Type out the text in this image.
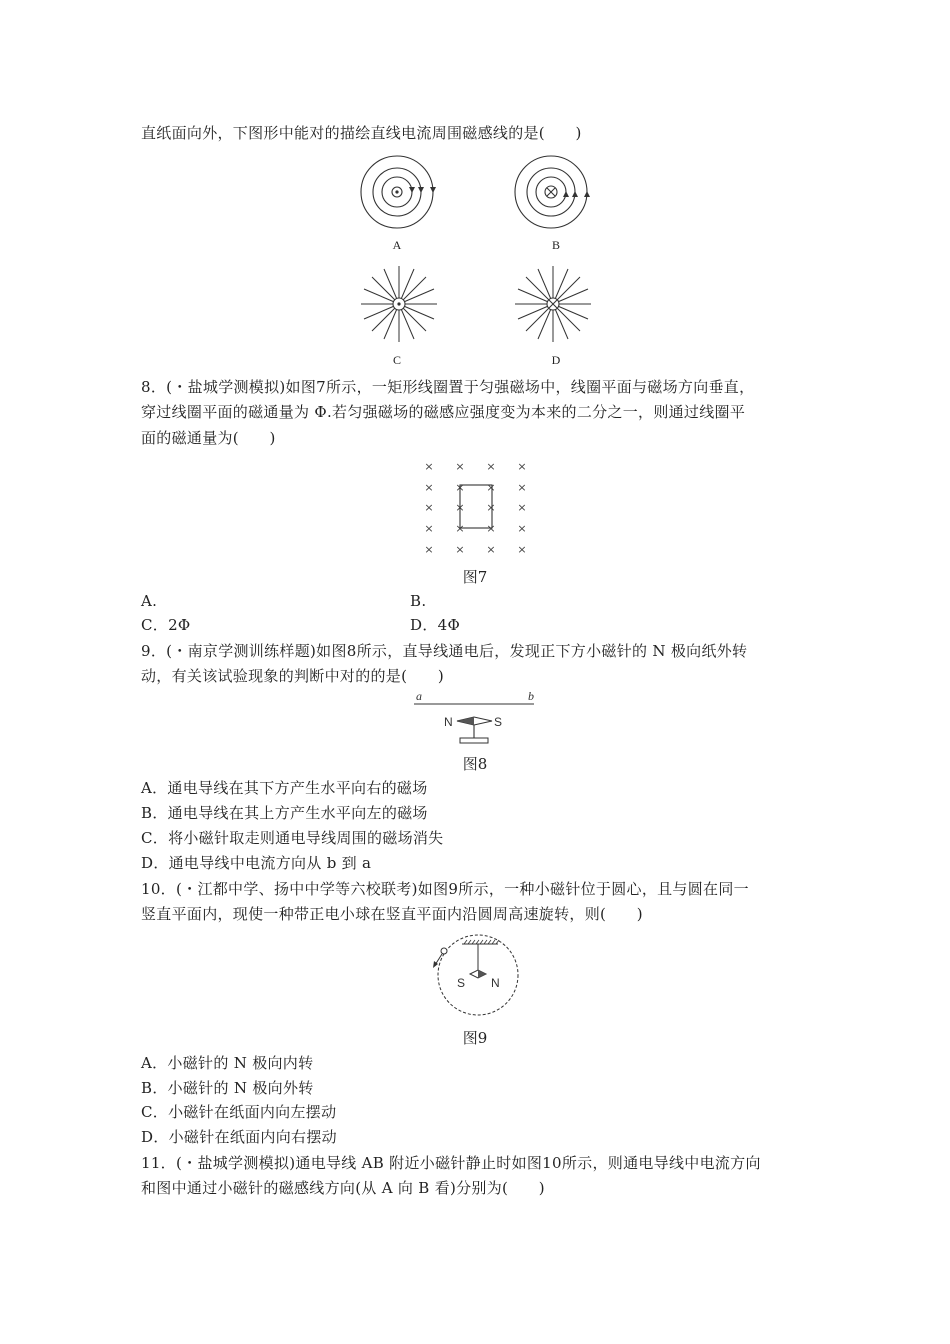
直纸面向外，下图形中能对的描绘直线电流周围磁感线的是(　　)
A	B
C	D
8．(・盐城学测模拟)如图7所示，一矩形线圈置于匀强磁场中，线圈平面与磁场方向垂直，
穿过线圈平面的磁通量为 Φ.若匀强磁场的磁感应强度变为本来的二分之一，则通过线圈平
面的磁通量为(　　)
× × × ×
× × × ×
× × × ×
× × × ×
× × × ×
图7
A.	B.
C．2Φ	D．4Φ
9．(・南京学测训练样题)如图8所示，直导线通电后，发现正下方小磁针的 N 极向纸外转
动，有关该试验现象的判断中对的的是(　　)
a	b
N	S
图8
A．通电导线在其下方产生水平向右的磁场
B．通电导线在其上方产生水平向左的磁场
C．将小磁针取走则通电导线周围的磁场消失
D．通电导线中电流方向从 b 到 a
10．(・江都中学、扬中中学等六校联考)如图9所示，一种小磁针位于圆心，且与圆在同一
竖直平面内，现使一种带正电小球在竖直平面内沿圆周高速旋转，则(　　)
S N
图9
A．小磁针的 N 极向内转
B．小磁针的 N 极向外转
C．小磁针在纸面内向左摆动
D．小磁针在纸面内向右摆动
11．(・盐城学测模拟)通电导线 AB 附近小磁针静止时如图10所示，则通电导线中电流方向
和图中通过小磁针的磁感线方向(从 A 向 B 看)分别为(　　)
